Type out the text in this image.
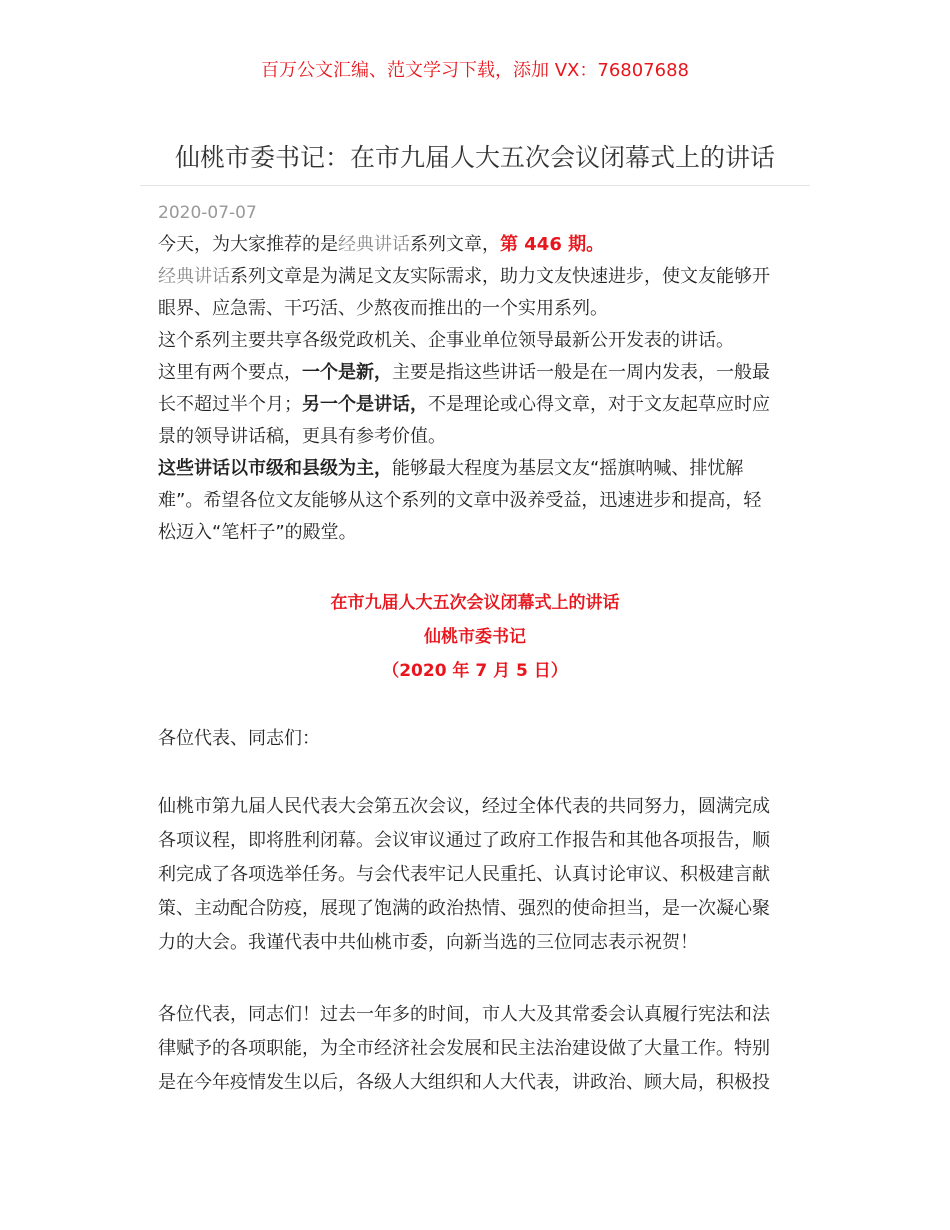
百万公文汇编、范文学习下载，添加 VX：76807688
仙桃市委书记：在市九届人大五次会议闭幕式上的讲话
2020-07-07
今天，为大家推荐的是经典讲话系列文章，第 446 期。
经典讲话系列文章是为满足文友实际需求，助力文友快速进步，使文友能够开
眼界、应急需、干巧活、少熬夜而推出的一个实用系列。
这个系列主要共享各级党政机关、企事业单位领导最新公开发表的讲话。
这里有两个要点，一个是新，主要是指这些讲话一般是在一周内发表，一般最
长不超过半个月；另一个是讲话，不是理论或心得文章，对于文友起草应时应
景的领导讲话稿，更具有参考价值。
这些讲话以市级和县级为主，能够最大程度为基层文友“摇旗呐喊、排忧解
难”。希望各位文友能够从这个系列的文章中汲养受益，迅速进步和提高，轻
松迈入“笔杆子”的殿堂。
在市九届人大五次会议闭幕式上的讲话
仙桃市委书记
（2020 年 7 月 5 日）
各位代表、同志们：
仙桃市第九届人民代表大会第五次会议，经过全体代表的共同努力，圆满完成
各项议程，即将胜利闭幕。会议审议通过了政府工作报告和其他各项报告，顺
利完成了各项选举任务。与会代表牢记人民重托、认真讨论审议、积极建言献
策、主动配合防疫，展现了饱满的政治热情、强烈的使命担当，是一次凝心聚
力的大会。我谨代表中共仙桃市委，向新当选的三位同志表示祝贺！
各位代表，同志们！过去一年多的时间，市人大及其常委会认真履行宪法和法
律赋予的各项职能，为全市经济社会发展和民主法治建设做了大量工作。特别
是在今年疫情发生以后，各级人大组织和人大代表，讲政治、顾大局，积极投
